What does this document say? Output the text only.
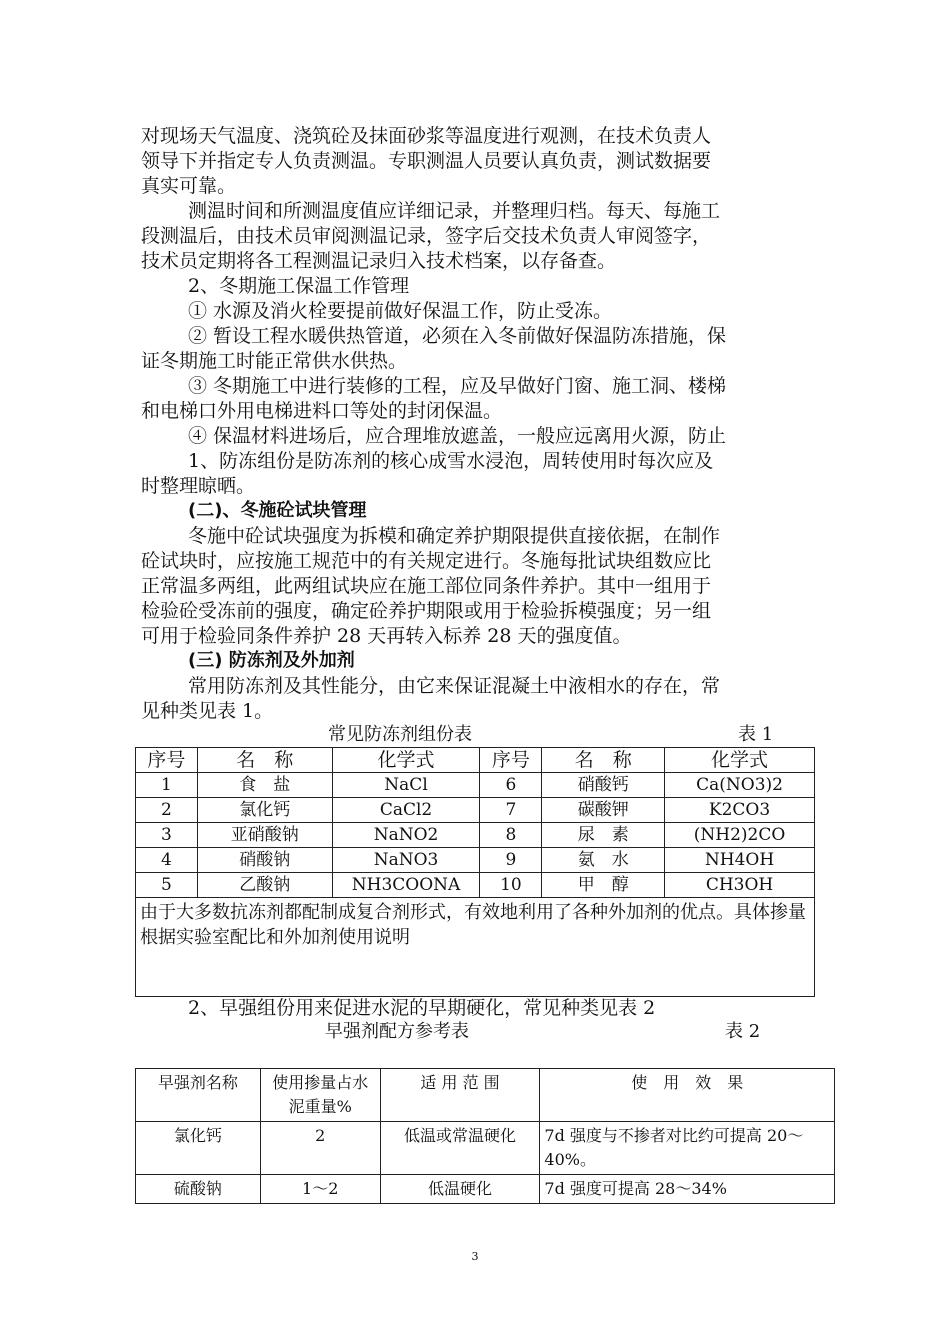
对现场天气温度、浇筑砼及抹面砂浆等温度进行观测，在技术负责人
领导下并指定专人负责测温。专职测温人员要认真负责，测试数据要
真实可靠。
测温时间和所测温度值应详细记录，并整理归档。每天、每施工
段测温后，由技术员审阅测温记录，签字后交技术负责人审阅签字，
技术员定期将各工程测温记录归入技术档案，以存备查。
2、冬期施工保温工作管理
① 水源及消火栓要提前做好保温工作，防止受冻。
② 暂设工程水暖供热管道，必须在入冬前做好保温防冻措施，保
证冬期施工时能正常供水供热。
③ 冬期施工中进行装修的工程，应及早做好门窗、施工洞、楼梯
和电梯口外用电梯进料口等处的封闭保温。
④ 保温材料进场后，应合理堆放遮盖，一般应远离用火源，防止
1、防冻组份是防冻剂的核心成雪水浸泡，周转使用时每次应及
时整理晾晒。
(二)、冬施砼试块管理
冬施中砼试块强度为拆模和确定养护期限提供直接依据，在制作
砼试块时，应按施工规范中的有关规定进行。冬施每批试块组数应比
正常温多两组，此两组试块应在施工部位同条件养护。其中一组用于
检验砼受冻前的强度，确定砼养护期限或用于检验拆模强度；另一组
可用于检验同条件养护 28 天再转入标养 28 天的强度值。
(三) 防冻剂及外加剂
常用防冻剂及其性能分，由它来保证混凝土中液相水的存在，常
见种类见表 1。
常见防冻剂组份表	表 1
序号	名　称	化学式	序号	名　称	化学式
1	食　盐	NaCl	6	硝酸钙	Ca(NO3)2
2	氯化钙	CaCl2	7	碳酸钾	K2CO3
3	亚硝酸钠	NaNO2	8	尿　素	(NH2)2CO
4	硝酸钠	NaNO3	9	氨　水	NH4OH
5	乙酸钠	NH3COONA	10	甲　醇	CH3OH
由于大多数抗冻剂都配制成复合剂形式，有效地利用了各种外加剂的优点。具体掺量根据实验室配比和外加剂使用说明					
2、早强组份用来促进水泥的早期硬化，常见种类见表 2
早强剂配方参考表	表 2
早强剂名称	使用掺量占水泥重量%	适 用 范 围	使　用　效　果
氯化钙	2	低温或常温硬化	7d 强度与不掺者对比约可提高 20～40%。
硫酸钠	1～2	低温硬化	7d 强度可提高 28～34%
3
